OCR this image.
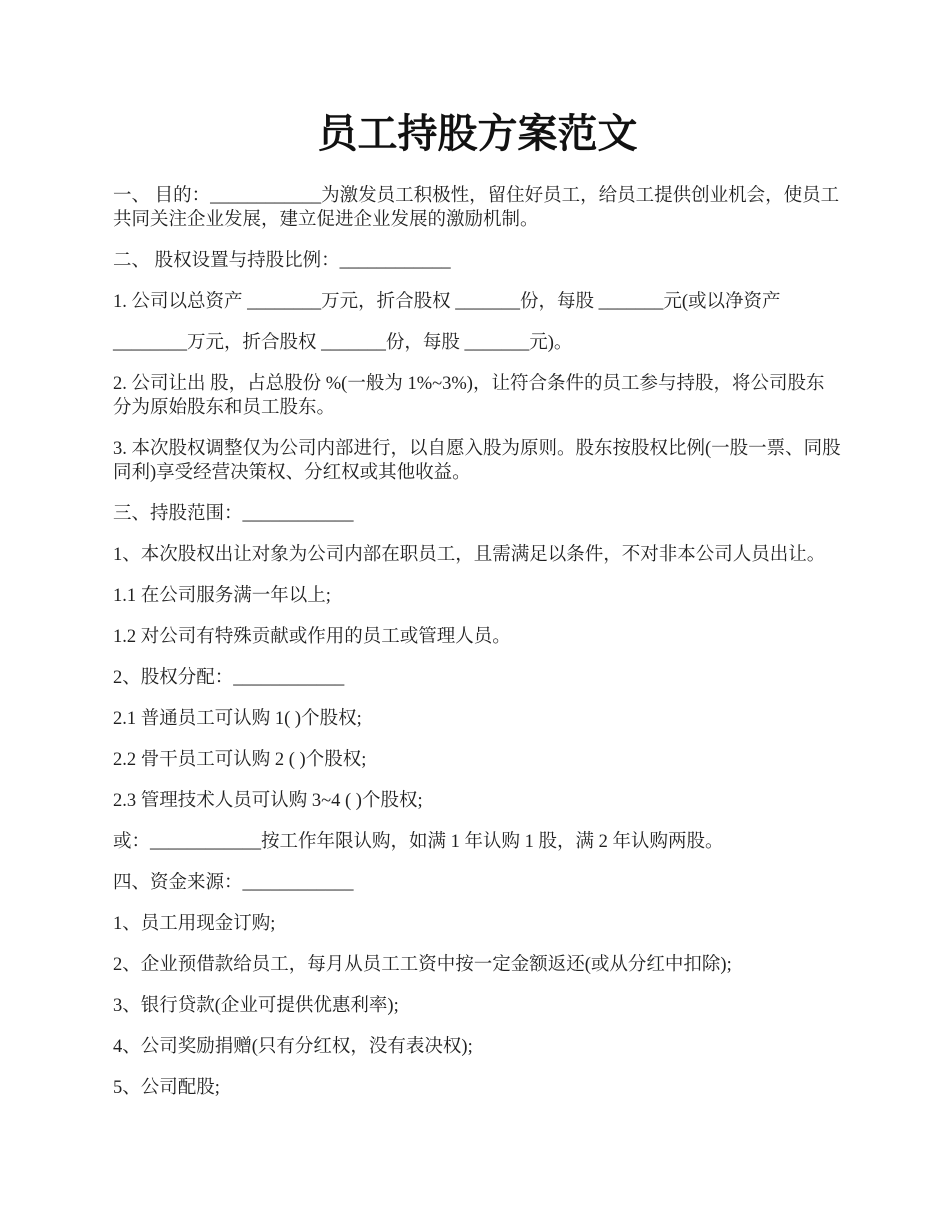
员工持股方案范文

一、 目的：____________为激发员工积极性，留住好员工，给员工提供创业机会，使员工共同关注企业发展，建立促进企业发展的激励机制。

二、 股权设置与持股比例：____________

1. 公司以总资产 ________万元，折合股权 _______份，每股 _______元(或以净资产

________万元，折合股权 _______份，每股 _______元)。

2. 公司让出 股，占总股份 %(一般为 1%~3%)，让符合条件的员工参与持股，将公司股东分为原始股东和员工股东。

3. 本次股权调整仅为公司内部进行，以自愿入股为原则。股东按股权比例(一股一票、同股同利)享受经营决策权、分红权或其他收益。

三、持股范围：____________

1、本次股权出让对象为公司内部在职员工，且需满足以条件，不对非本公司人员出让。

1.1 在公司服务满一年以上;

1.2 对公司有特殊贡献或作用的员工或管理人员。

2、股权分配：____________

2.1 普通员工可认购 1( )个股权;

2.2 骨干员工可认购 2 ( )个股权;

2.3 管理技术人员可认购 3~4 ( )个股权;

或：____________按工作年限认购，如满 1 年认购 1 股，满 2 年认购两股。

四、资金来源：____________

1、员工用现金订购;

2、企业预借款给员工，每月从员工工资中按一定金额返还(或从分红中扣除);

3、银行贷款(企业可提供优惠利率);

4、公司奖励捐赠(只有分红权，没有表决权);

5、公司配股;
